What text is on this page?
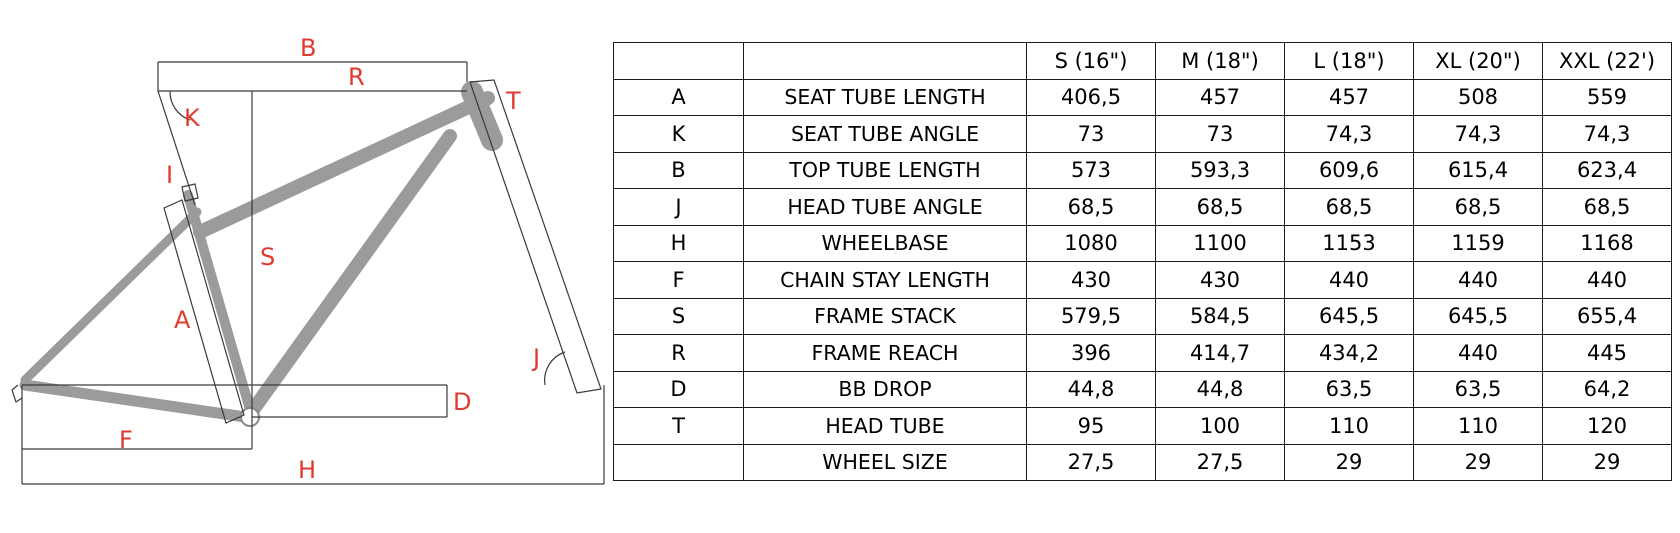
B
R
K
T
I
S
A
J
D
F
H
		S (16")	M (18")	L (18")	XL (20")	XXL (22')
A	SEAT TUBE LENGTH	406,5	457	457	508	559
K	SEAT TUBE ANGLE	73	73	74,3	74,3	74,3
B	TOP TUBE LENGTH	573	593,3	609,6	615,4	623,4
J	HEAD TUBE ANGLE	68,5	68,5	68,5	68,5	68,5
H	WHEELBASE	1080	1100	1153	1159	1168
F	CHAIN STAY LENGTH	430	430	440	440	440
S	FRAME STACK	579,5	584,5	645,5	645,5	655,4
R	FRAME REACH	396	414,7	434,2	440	445
D	BB DROP	44,8	44,8	63,5	63,5	64,2
T	HEAD TUBE	95	100	110	110	120
	WHEEL SIZE	27,5	27,5	29	29	29
